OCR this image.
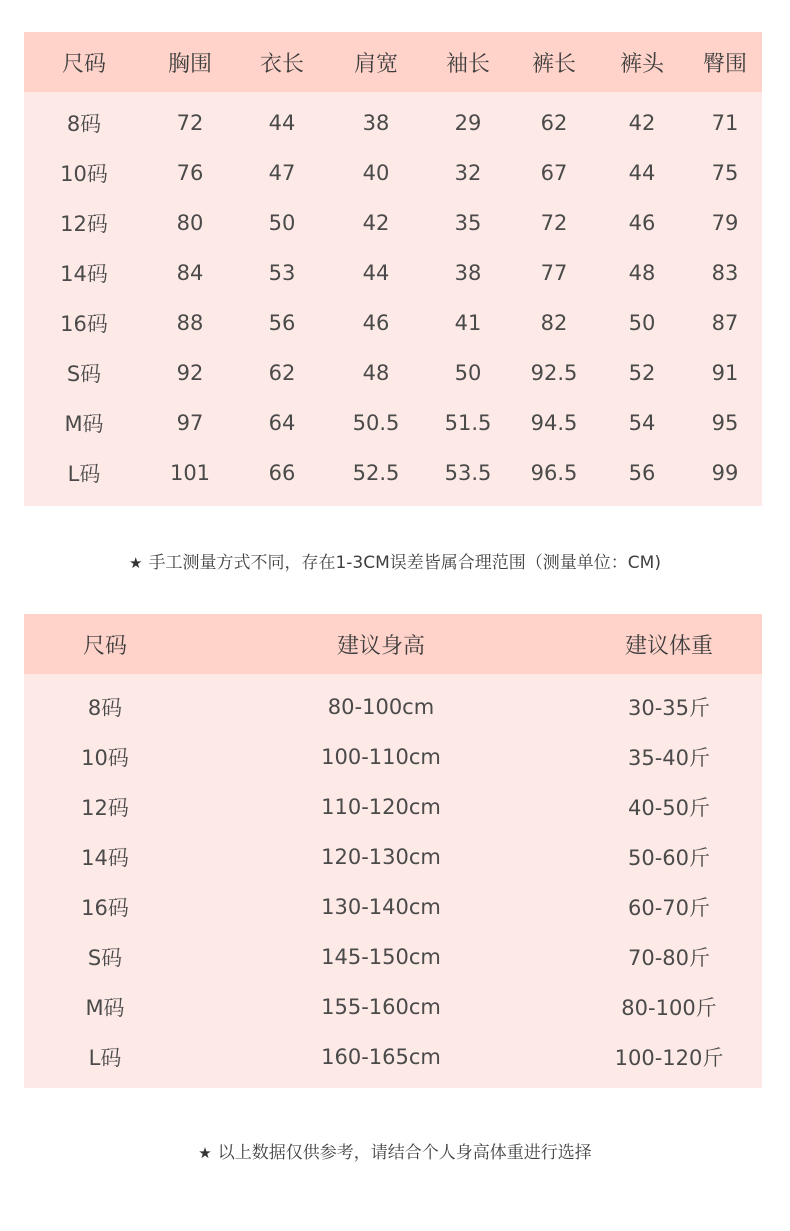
尺码	胸围	衣长	肩宽	袖长	裤长	裤头	臀围
8码	72	44	38	29	62	42	71
10码	76	47	40	32	67	44	75
12码	80	50	42	35	72	46	79
14码	84	53	44	38	77	48	83
16码	88	56	46	41	82	50	87
S码	92	62	48	50	92.5	52	91
M码	97	64	50.5	51.5	94.5	54	95
L码	101	66	52.5	53.5	96.5	56	99
★ 手工测量方式不同，存在1-3CM误差皆属合理范围（测量单位：CM)
尺码	建议身高	建议体重
8码	80-100cm	30-35斤
10码	100-110cm	35-40斤
12码	110-120cm	40-50斤
14码	120-130cm	50-60斤
16码	130-140cm	60-70斤
S码	145-150cm	70-80斤
M码	155-160cm	80-100斤
L码	160-165cm	100-120斤
★ 以上数据仅供参考，请结合个人身高体重进行选择
